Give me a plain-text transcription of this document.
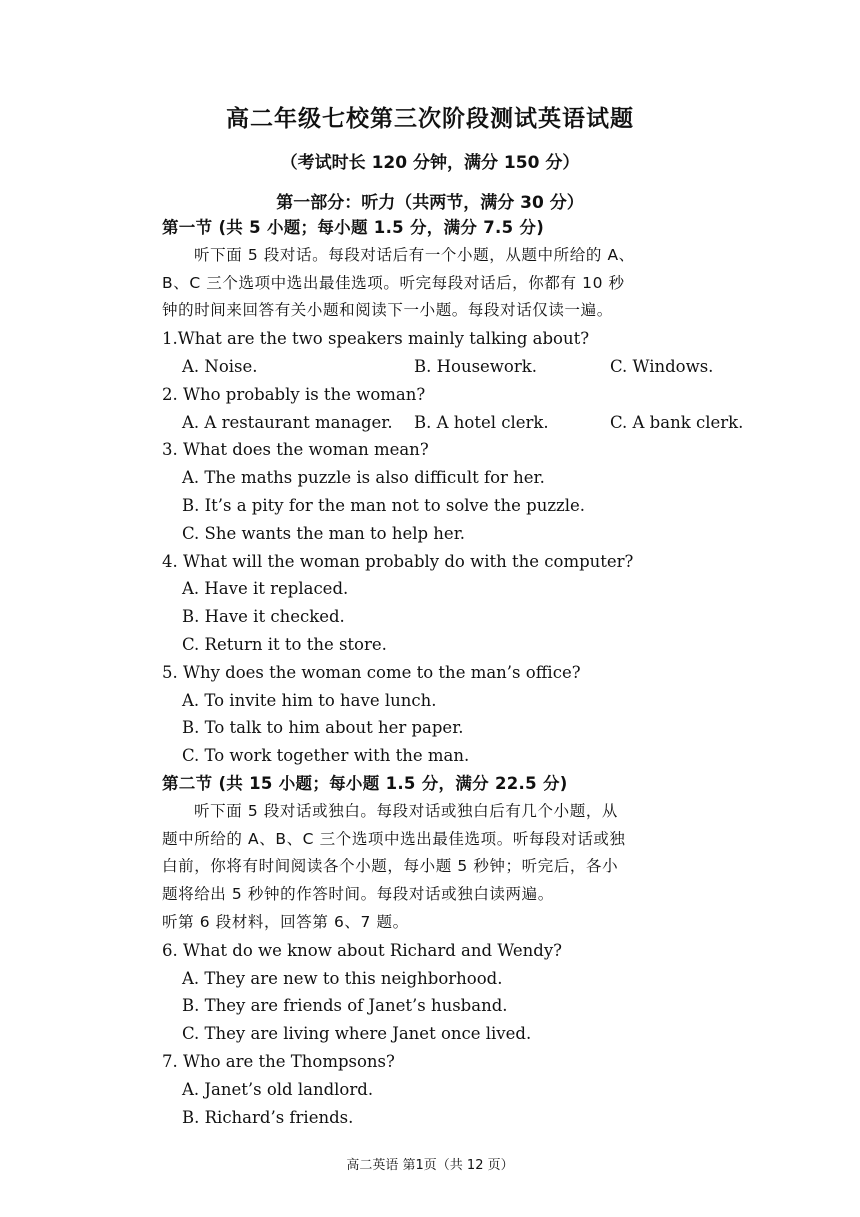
高二年级七校第三次阶段测试英语试题
（考试时长 120 分钟，满分 150 分）
第一部分：听力（共两节，满分 30 分）
第一节 (共 5 小题；每小题 1.5 分，满分 7.5 分)
听下面 5 段对话。每段对话后有一个小题，从题中所给的 A、
B、C 三个选项中选出最佳选项。听完每段对话后，你都有 10 秒
钟的时间来回答有关小题和阅读下一小题。每段对话仅读一遍。
1.What are the two speakers mainly talking about?
A. Noise.	B. Housework.	C. Windows.
2. Who probably is the woman?
A. A restaurant manager.	B. A hotel clerk.	C. A bank clerk.
3. What does the woman mean?
A. The maths puzzle is also difficult for her.
B. It’s a pity for the man not to solve the puzzle.
C. She wants the man to help her.
4. What will the woman probably do with the computer?
A. Have it replaced.
B. Have it checked.
C. Return it to the store.
5. Why does the woman come to the man’s office?
A. To invite him to have lunch.
B. To talk to him about her paper.
C. To work together with the man.
第二节 (共 15 小题；每小题 1.5 分，满分 22.5 分)
听下面 5 段对话或独白。每段对话或独白后有几个小题，从
题中所给的 A、B、C 三个选项中选出最佳选项。听每段对话或独
白前，你将有时间阅读各个小题，每小题 5 秒钟；听完后，各小
题将给出 5 秒钟的作答时间。每段对话或独白读两遍。
听第 6 段材料，回答第 6、7 题。
6. What do we know about Richard and Wendy?
A. They are new to this neighborhood.
B. They are friends of Janet’s husband.
C. They are living where Janet once lived.
7. Who are the Thompsons?
A. Janet’s old landlord.
B. Richard’s friends.
高二英语 第1页（共 12 页）
